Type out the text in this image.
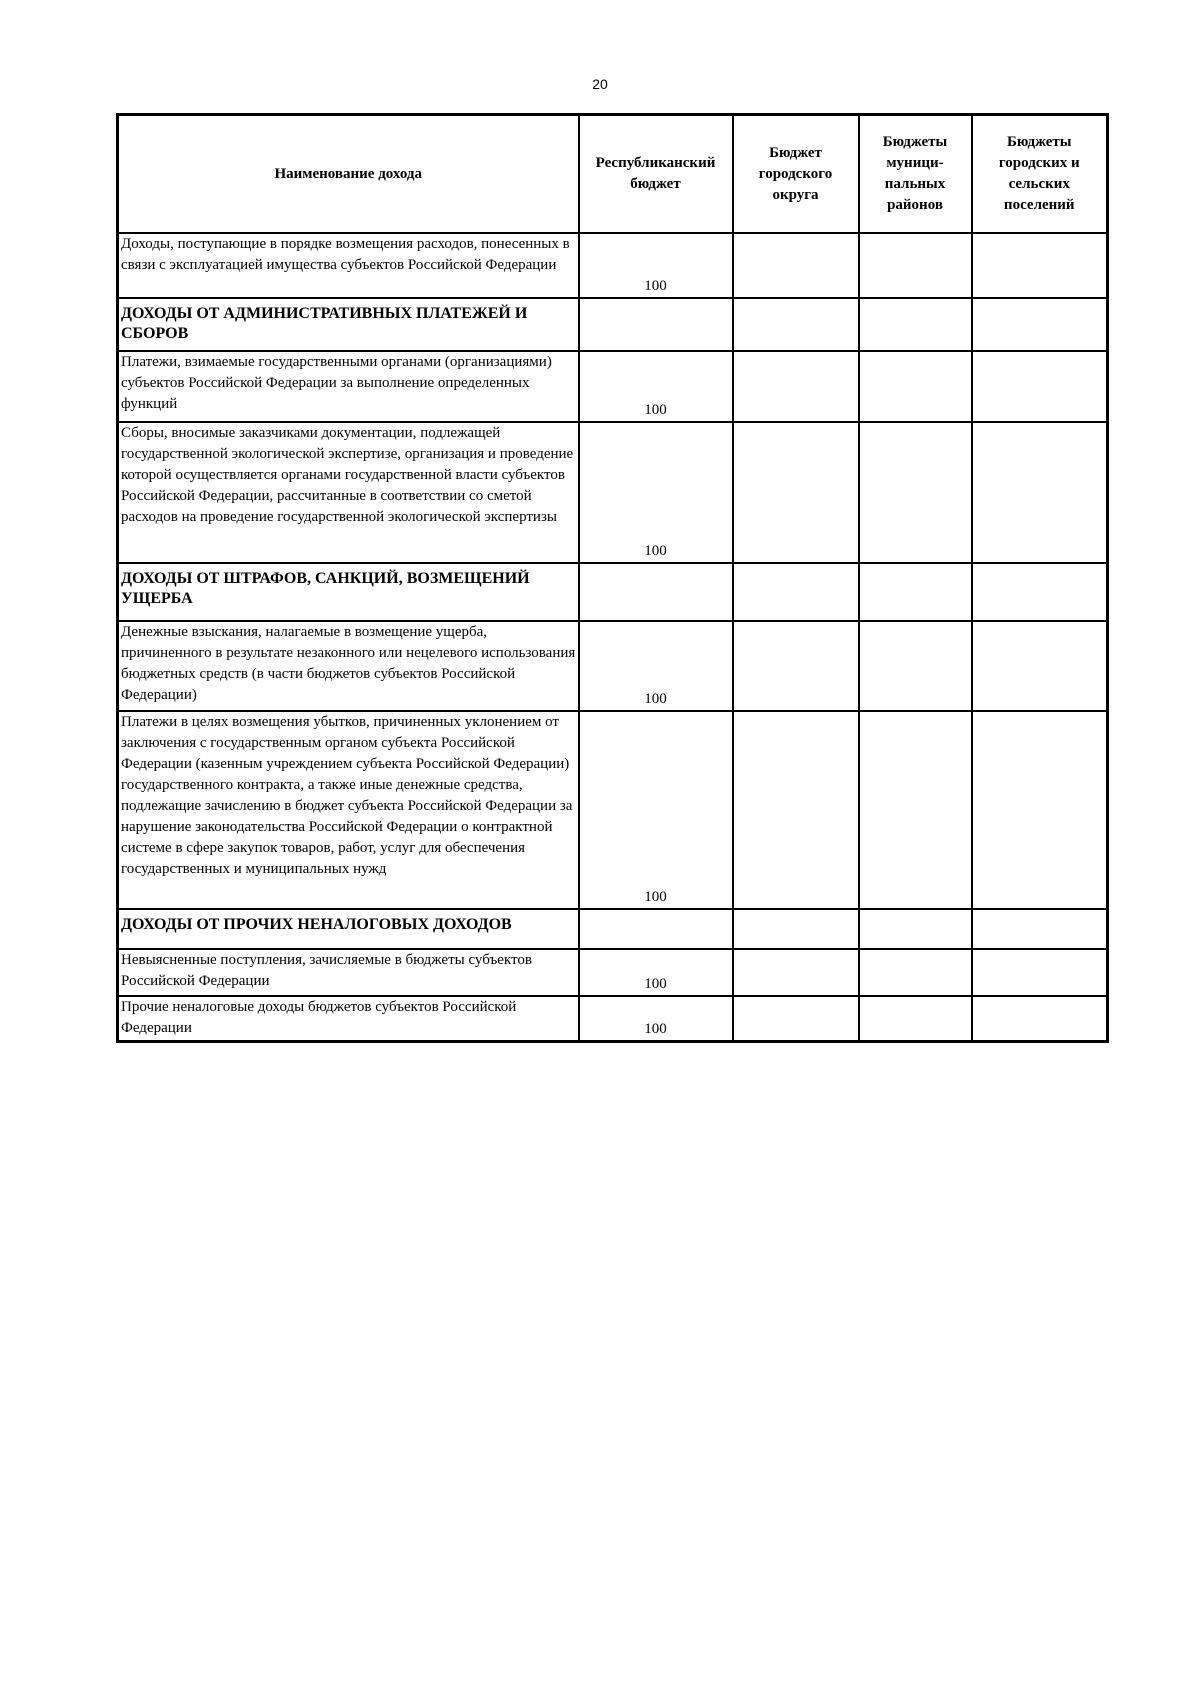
20
Наименование дохода	Республиканский бюджет	Бюджет городского округа	Бюджеты муници- пальных районов	Бюджеты городских и сельских поселений
Доходы, поступающие в порядке возмещения расходов, понесенных в связи с эксплуатацией имущества субъектов Российской Федерации	100			
ДОХОДЫ ОТ АДМИНИСТРАТИВНЫХ ПЛАТЕЖЕЙ И СБОРОВ				
Платежи, взимаемые государственными органами (организациями) субъектов Российской Федерации за выполнение определенных функций	100			
Сборы, вносимые заказчиками документации, подлежащей государственной экологической экспертизе, организация и проведение которой осуществляется органами государственной власти субъектов Российской Федерации, рассчитанные в соответствии со сметой расходов на проведение государственной экологической экспертизы	100			
ДОХОДЫ ОТ ШТРАФОВ, САНКЦИЙ, ВОЗМЕЩЕНИЙ УЩЕРБА				
Денежные взыскания, налагаемые в возмещение ущерба, причиненного в результате незаконного или нецелевого использования бюджетных средств (в части бюджетов субъектов Российской Федерации)	100			
Платежи в целях возмещения убытков, причиненных уклонением от заключения с государственным органом субъекта Российской Федерации (казенным учреждением субъекта Российской Федерации) государственного контракта, а также иные денежные средства, подлежащие зачислению в бюджет субъекта Российской Федерации за нарушение законодательства Российской Федерации о контрактной системе в сфере закупок товаров, работ, услуг для обеспечения государственных и муниципальных нужд	100			
ДОХОДЫ ОТ ПРОЧИХ НЕНАЛОГОВЫХ ДОХОДОВ				
Невыясненные поступления, зачисляемые в бюджеты субъектов Российской Федерации	100			
Прочие неналоговые доходы бюджетов субъектов Российской Федерации	100			
